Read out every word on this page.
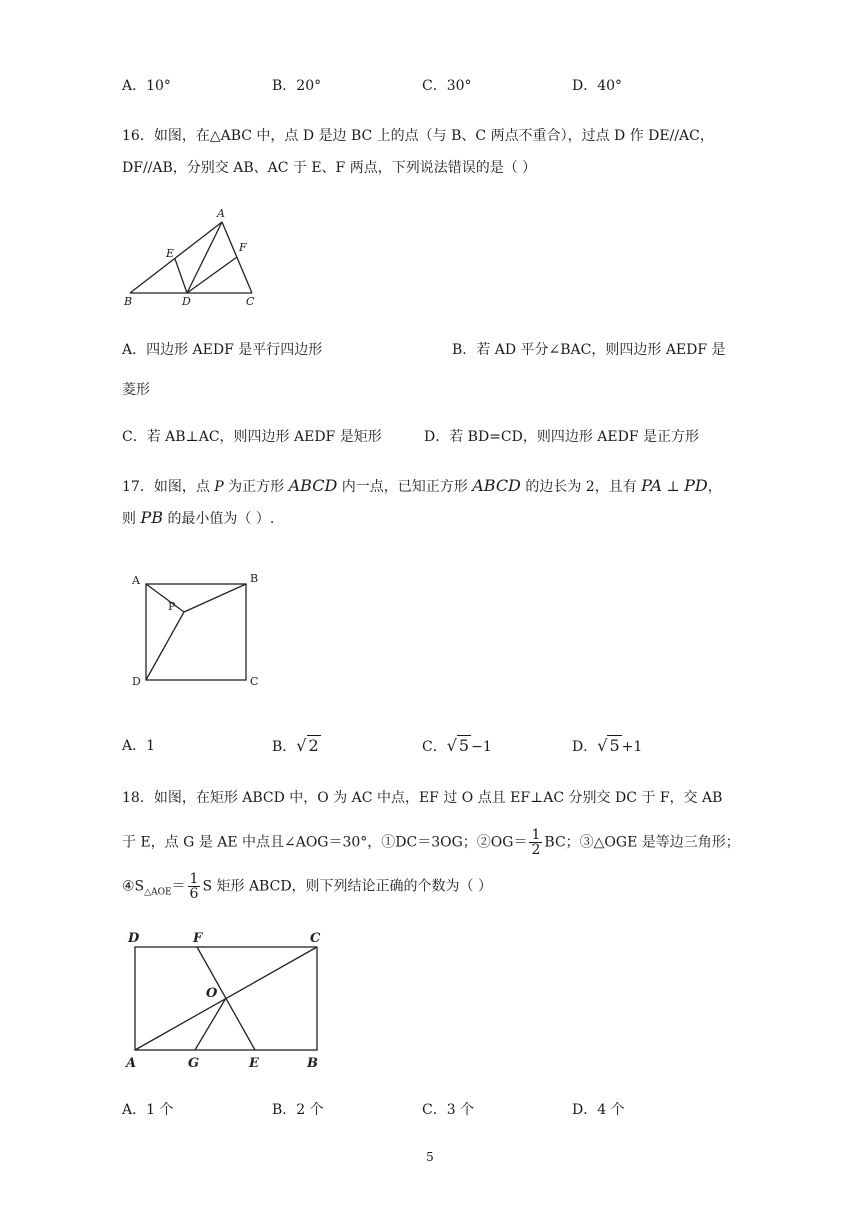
A．10°	B．20°	C．30°	D．40°
16．如图，在△ABC 中，点 D 是边 BC 上的点（与 B、C 两点不重合），过点 D 作 DE//AC，
DF//AB，分别交 AB、AC 于 E、F 两点，下列说法错误的是（ ）
A
B	C
D
E	F
A．四边形 AEDF 是平行四边形	B．若 AD 平分∠BAC，则四边形 AEDF 是
菱形
C．若 AB⊥AC，则四边形 AEDF 是矩形	D．若 BD=CD，则四边形 AEDF 是正方形
17．如图，点 P 为正方形 ABCD 内一点，已知正方形 ABCD 的边长为 2，且有 PA ⊥ PD，
则 PB 的最小值为（ ）.
A	B
C
D
P
A．1	B．√ 2	C．√ 5 −1	D．√ 5 +1
18．如图，在矩形 ABCD 中，O 为 AC 中点，EF 过 O 点且 EF⊥AC 分别交 DC 于 F，交 AB
于 E，点 G 是 AE 中点且∠AOG＝30°，①DC＝3OG；②OG＝ $\frac{1}{2}$ BC；③△OGE 是等边三角形；
$④S_{\triangle AOE}= \frac{1}{6}$ S 矩形 ABCD，则下列结论正确的个数为（ ）
A	B
C
D
E
F
G
O
A．1 个	B．2 个	C．3 个	D．4 个
5
